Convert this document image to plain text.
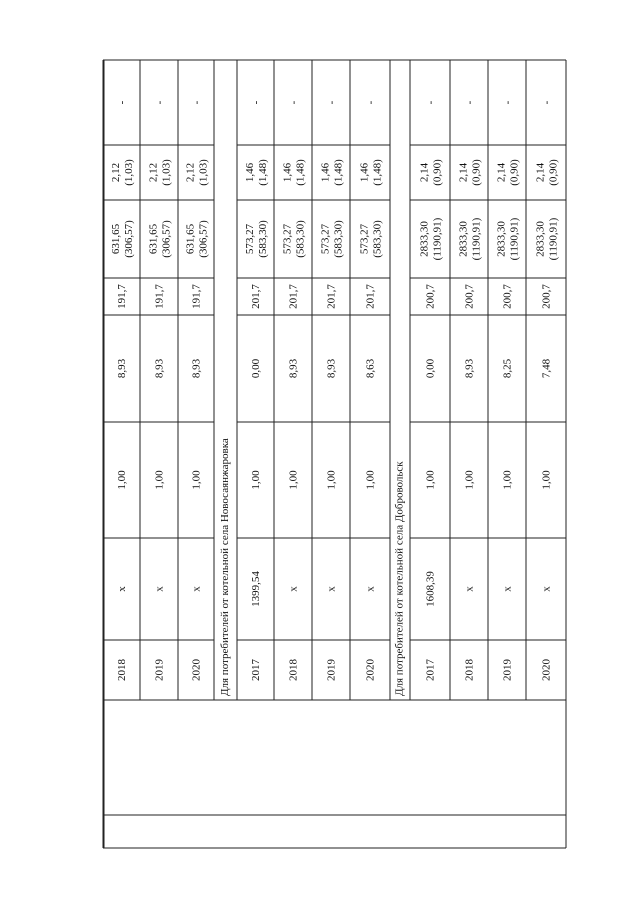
-
2,12 (1,03)
631,65 (306,57)
191,7
8,93
1,00
x
2018
-
2,12 (1,03)
631,65 (306,57)
191,7
8,93
1,00
x
2019
-
2,12 (1,03)
631,65 (306,57)
191,7
8,93
1,00
x
2020
-
1,46 (1,48)
573,27 (583,30)
201,7
0,00
1,00
1399,54
2017
-
1,46 (1,48)
573,27 (583,30)
201,7
8,93
1,00
x
2018
-
1,46 (1,48)
573,27 (583,30)
201,7
8,93
1,00
x
2019
-
1,46 (1,48)
573,27 (583,30)
201,7
8,63
1,00
x
2020
-
2,14 (0,90)
2833,30 (1190,91)
200,7
0,00
1,00
1608,39
2017
-
2,14 (0,90)
2833,30 (1190,91)
200,7
8,93
1,00
x
2018
-
2,14 (0,90)
2833,30 (1190,91)
200,7
8,25
1,00
x
2019
-
2,14 (0,90)
2833,30 (1190,91)
200,7
7,48
1,00
x
2020
Для потребителей от котельной села Новосаянжаровка	Для потребителей от котельной села Добровольск
